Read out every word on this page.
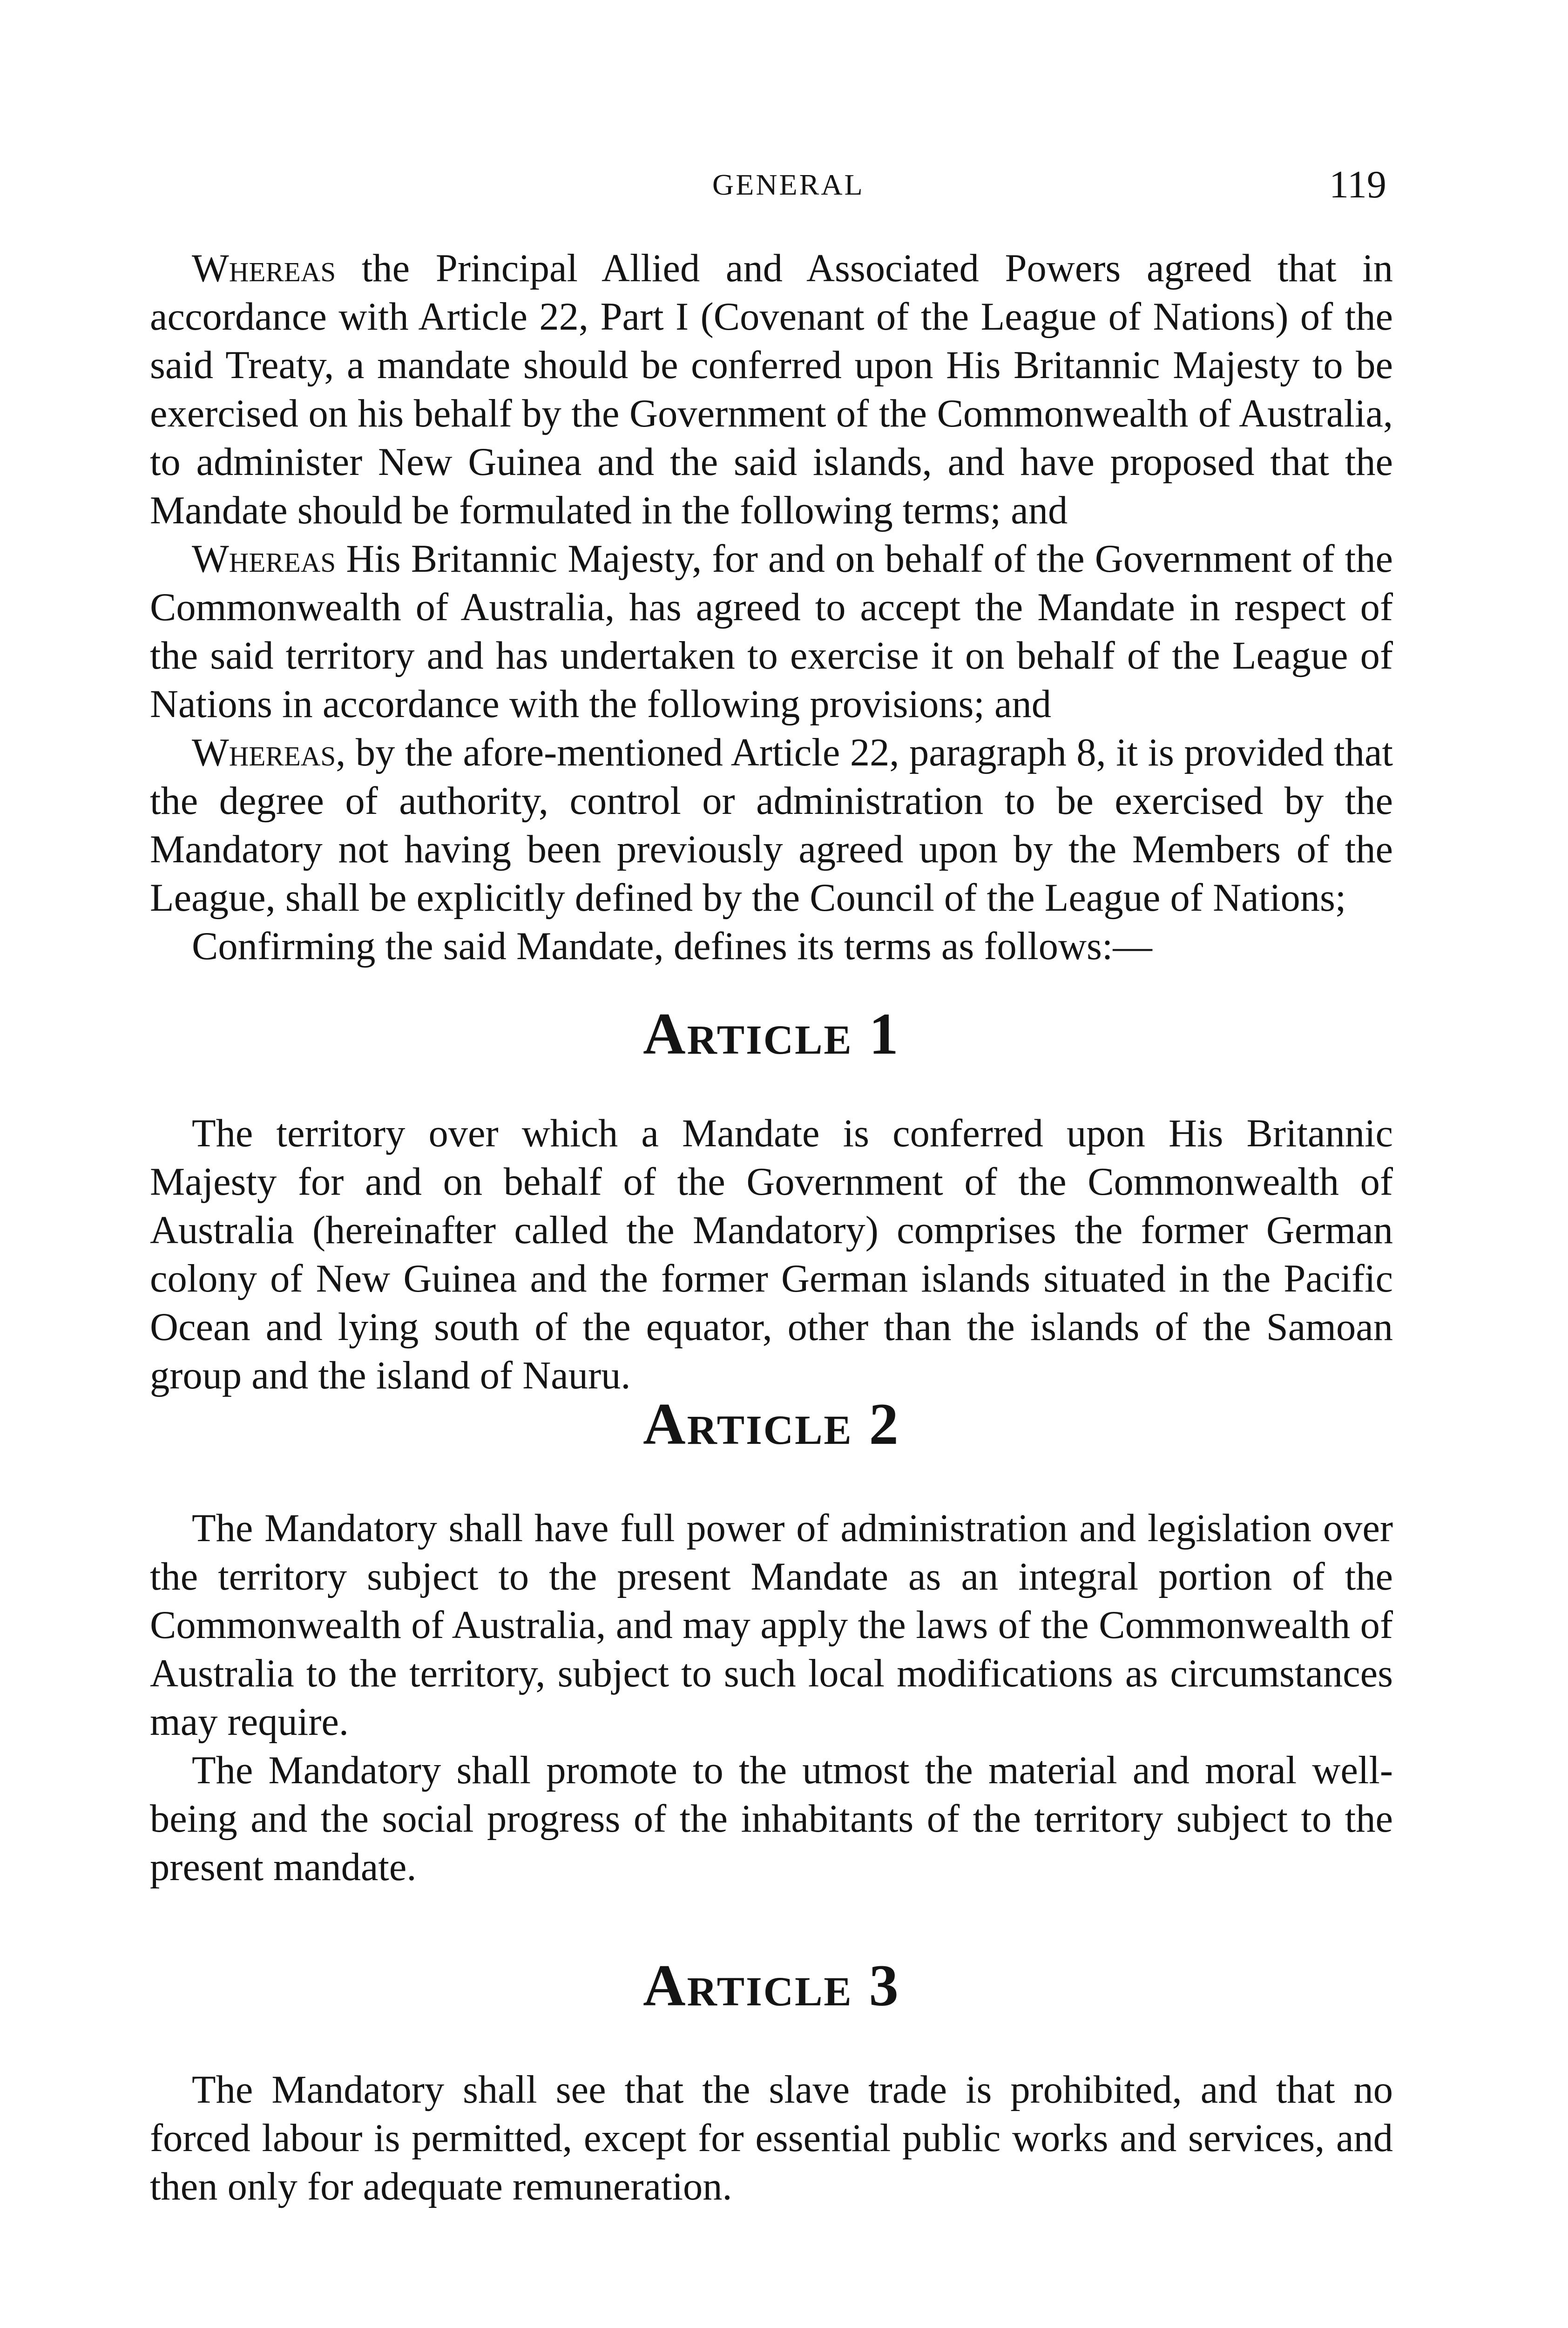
GENERAL	119

Whereas the Principal Allied and Associated Powers agreed that in accordance with Article 22, Part I (Covenant of the League of Nations) of the said Treaty, a mandate should be conferred upon His Britannic Majesty to be exercised on his behalf by the Government of the Commonwealth of Australia, to administer New Guinea and the said islands, and have proposed that the Mandate should be formulated in the following terms; and

Whereas His Britannic Majesty, for and on behalf of the Government of the Commonwealth of Australia, has agreed to accept the Mandate in respect of the said territory and has undertaken to exercise it on behalf of the League of Nations in accordance with the following provisions; and

Whereas, by the afore-mentioned Article 22, paragraph 8, it is provided that the degree of authority, control or administration to be exercised by the Mandatory not having been previously agreed upon by the Members of the League, shall be explicitly defined by the Council of the League of Nations;

Confirming the said Mandate, defines its terms as follows:—

Article 1

The territory over which a Mandate is conferred upon His Britannic Majesty for and on behalf of the Government of the Commonwealth of Australia (hereinafter called the Mandatory) comprises the former German colony of New Guinea and the former German islands situated in the Pacific Ocean and lying south of the equator, other than the islands of the Samoan group and the island of Nauru.

Article 2

The Mandatory shall have full power of administration and legislation over the territory subject to the present Mandate as an integral portion of the Commonwealth of Australia, and may apply the laws of the Commonwealth of Australia to the territory, subject to such local modifications as circumstances may require.

The Mandatory shall promote to the utmost the material and moral well-being and the social progress of the inhabitants of the territory subject to the present mandate.

Article 3

The Mandatory shall see that the slave trade is prohibited, and that no forced labour is permitted, except for essential public works and services, and then only for adequate remuneration.
